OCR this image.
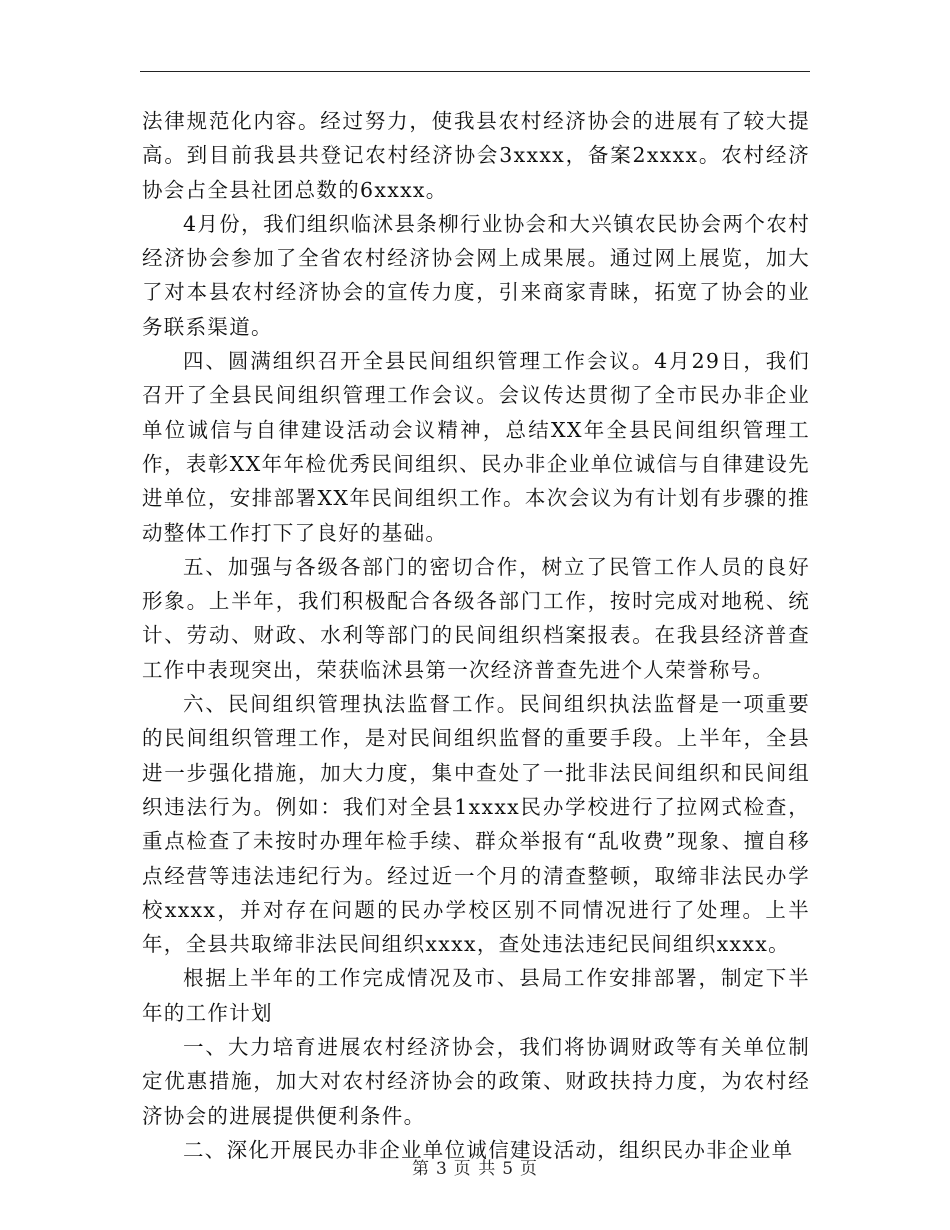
法律规范化内容。经过努力，使我县农村经济协会的进展有了较大提高。到目前我县共登记农村经济协会3xxxx，备案2xxxx。农村经济协会占全县社团总数的6xxxx。

4月份，我们组织临沭县条柳行业协会和大兴镇农民协会两个农村经济协会参加了全省农村经济协会网上成果展。通过网上展览，加大了对本县农村经济协会的宣传力度，引来商家青睐，拓宽了协会的业务联系渠道。

四、圆满组织召开全县民间组织管理工作会议。4月29日，我们召开了全县民间组织管理工作会议。会议传达贯彻了全市民办非企业单位诚信与自律建设活动会议精神，总结XX年全县民间组织管理工作，表彰XX年年检优秀民间组织、民办非企业单位诚信与自律建设先进单位，安排部署XX年民间组织工作。本次会议为有计划有步骤的推动整体工作打下了良好的基础。

五、加强与各级各部门的密切合作，树立了民管工作人员的良好形象。上半年，我们积极配合各级各部门工作，按时完成对地税、统计、劳动、财政、水利等部门的民间组织档案报表。在我县经济普查工作中表现突出，荣获临沭县第一次经济普查先进个人荣誉称号。

六、民间组织管理执法监督工作。民间组织执法监督是一项重要的民间组织管理工作，是对民间组织监督的重要手段。上半年，全县进一步强化措施，加大力度，集中查处了一批非法民间组织和民间组织违法行为。例如：我们对全县1xxxx民办学校进行了拉网式检查，重点检查了未按时办理年检手续、群众举报有“乱收费”现象、擅自移点经营等违法违纪行为。经过近一个月的清查整顿，取缔非法民办学校xxxx，并对存在问题的民办学校区别不同情况进行了处理。上半年，全县共取缔非法民间组织xxxx，查处违法违纪民间组织xxxx。

根据上半年的工作完成情况及市、县局工作安排部署，制定下半年的工作计划

一、大力培育进展农村经济协会，我们将协调财政等有关单位制定优惠措施，加大对农村经济协会的政策、财政扶持力度，为农村经济协会的进展提供便利条件。

二、深化开展民办非企业单位诚信建设活动，组织民办非企业单

第 3 页 共 5 页
